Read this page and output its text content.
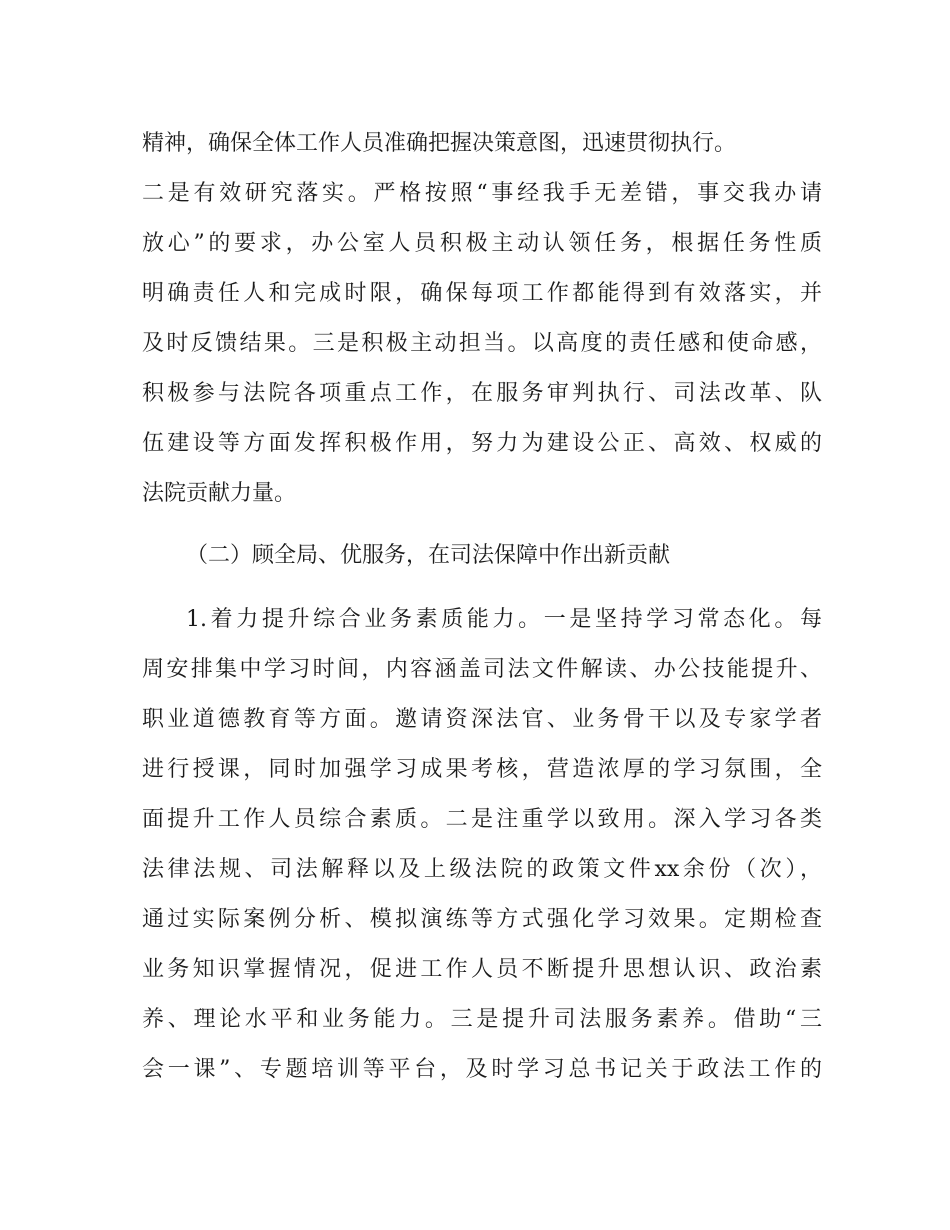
精神，确保全体工作人员准确把握决策意图，迅速贯彻执行。
二是有效研究落实。严格按照“事经我手无差错，事交我办请
放心”的要求，办公室人员积极主动认领任务，根据任务性质
明确责任人和完成时限，确保每项工作都能得到有效落实，并
及时反馈结果。三是积极主动担当。以高度的责任感和使命感，
积极参与法院各项重点工作，在服务审判执行、司法改革、队
伍建设等方面发挥积极作用，努力为建设公正、高效、权威的
法院贡献力量。
（二）顾全局、优服务，在司法保障中作出新贡献
1.着力提升综合业务素质能力。一是坚持学习常态化。每
周安排集中学习时间，内容涵盖司法文件解读、办公技能提升、
职业道德教育等方面。邀请资深法官、业务骨干以及专家学者
进行授课，同时加强学习成果考核，营造浓厚的学习氛围，全
面提升工作人员综合素质。二是注重学以致用。深入学习各类
法律法规、司法解释以及上级法院的政策文件xx余份（次），
通过实际案例分析、模拟演练等方式强化学习效果。定期检查
业务知识掌握情况，促进工作人员不断提升思想认识、政治素
养、理论水平和业务能力。三是提升司法服务素养。借助“三
会一课”、专题培训等平台，及时学习总书记关于政法工作的
